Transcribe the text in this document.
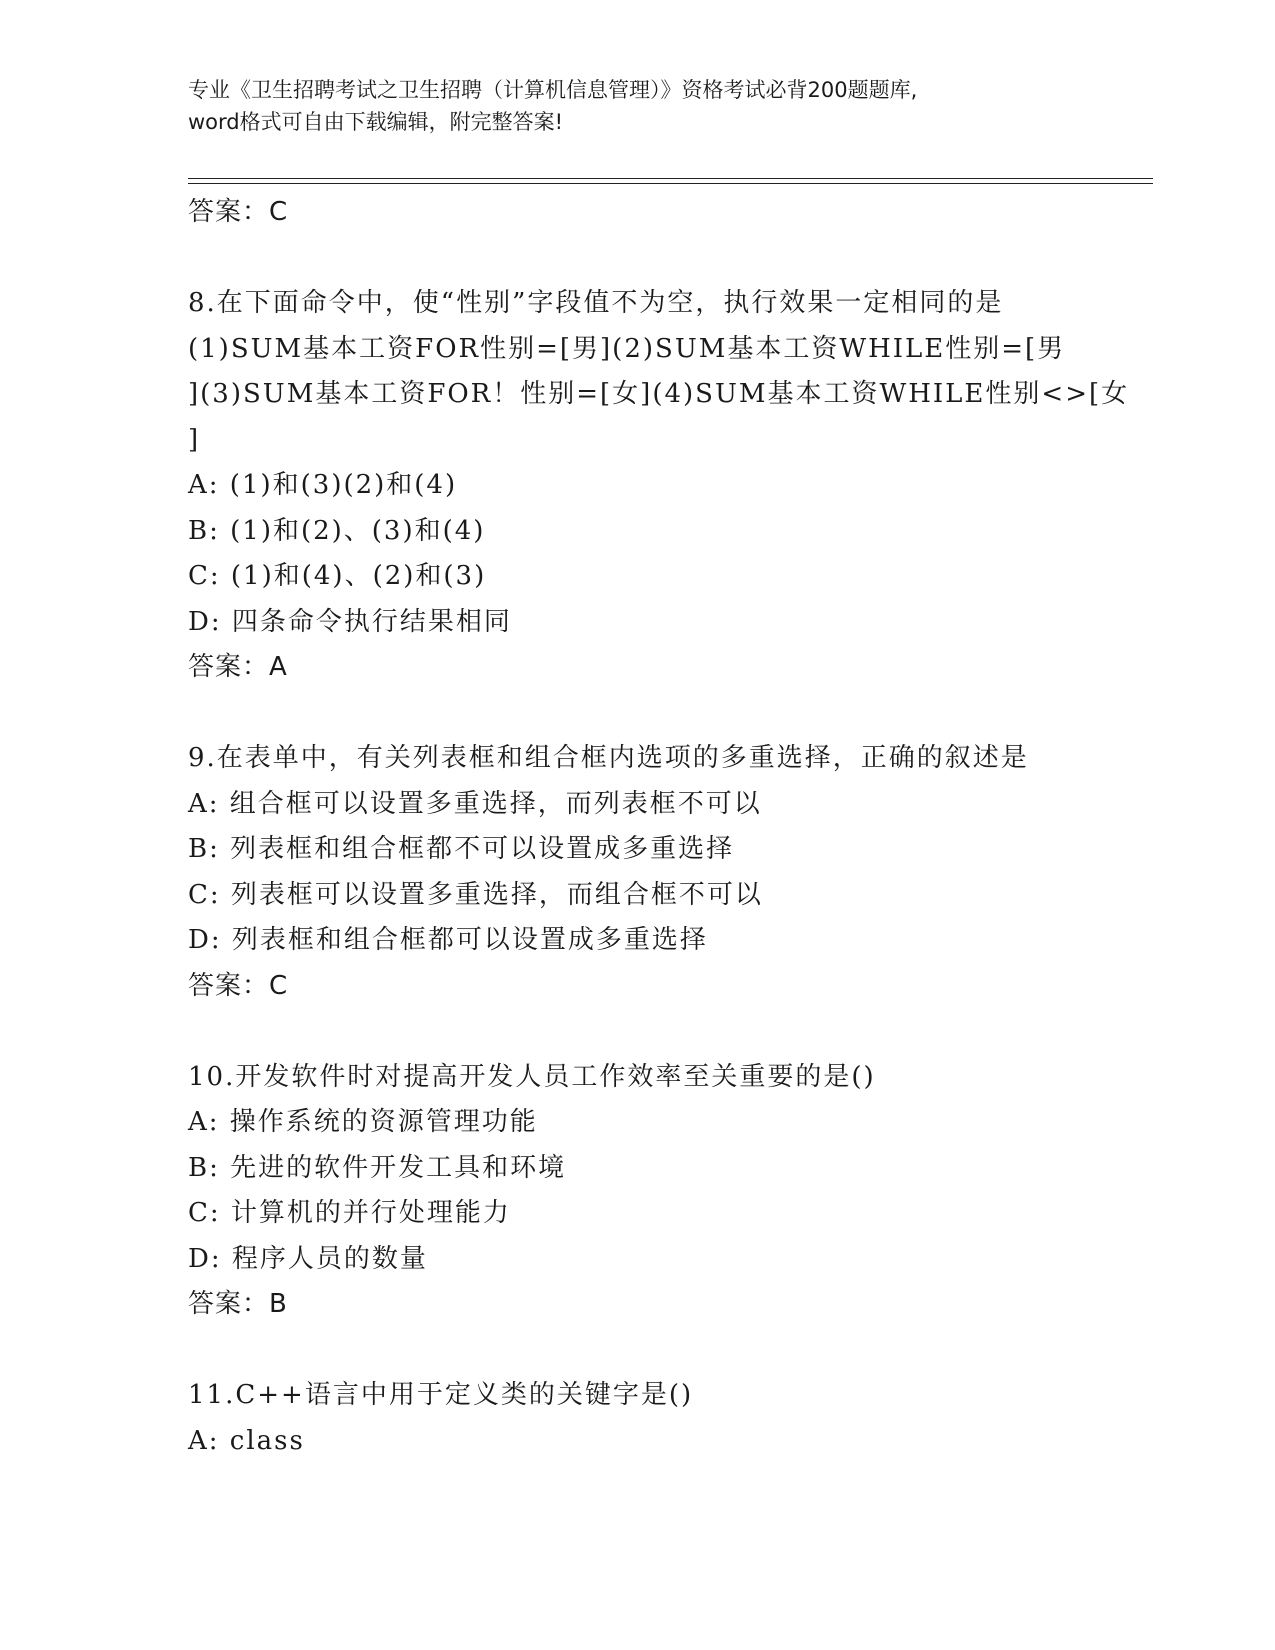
专业《卫生招聘考试之卫生招聘（计算机信息管理）》资格考试必背200题题库,
word格式可自由下载编辑，附完整答案!
答案：C
8.在下面命令中，使“性别”字段值不为空，执行效果一定相同的是
(1)SUM基本工资FOR性别=[男](2)SUM基本工资WHILE性别=[男
](3)SUM基本工资FOR！性别=[女](4)SUM基本工资WHILE性别<>[女
]
A: (1)和(3)(2)和(4)
B: (1)和(2)、(3)和(4)
C: (1)和(4)、(2)和(3)
D: 四条命令执行结果相同
答案：A
9.在表单中，有关列表框和组合框内选项的多重选择，正确的叙述是
A: 组合框可以设置多重选择，而列表框不可以
B: 列表框和组合框都不可以设置成多重选择
C: 列表框可以设置多重选择，而组合框不可以
D: 列表框和组合框都可以设置成多重选择
答案：C
10.开发软件时对提高开发人员工作效率至关重要的是()
A: 操作系统的资源管理功能
B: 先进的软件开发工具和环境
C: 计算机的并行处理能力
D: 程序人员的数量
答案：B
11.C++语言中用于定义类的关键字是()
A: class
